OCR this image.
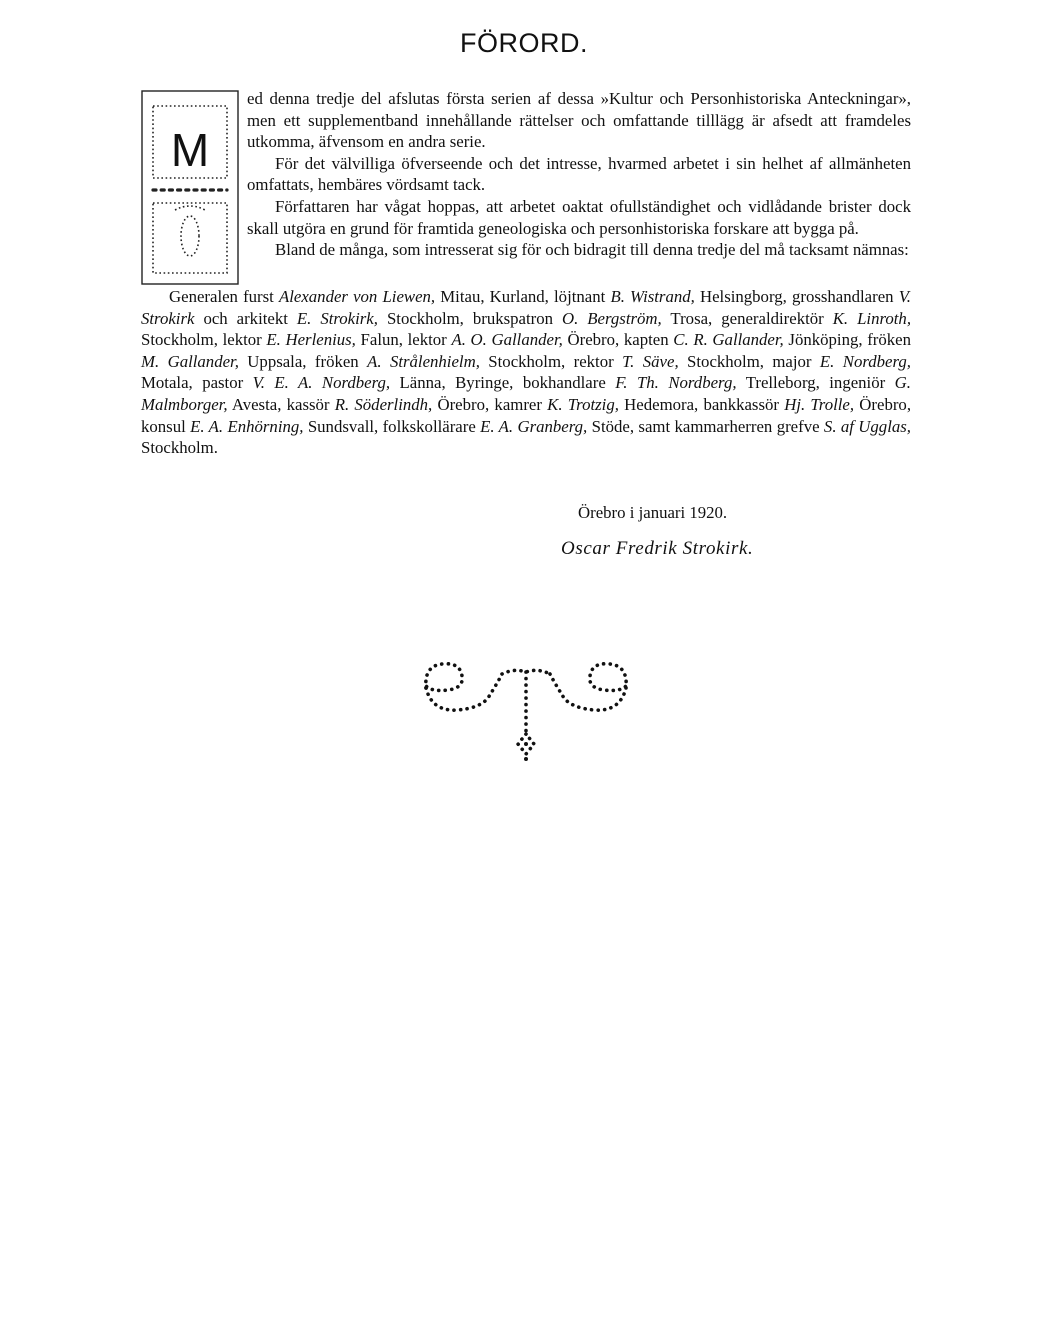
FÖRORD.
M

ed denna tredje del afslutas första serien af dessa »Kultur och Personhistoriska Anteckningar», men ett supplementband innehållande rättelser och omfattande tilllägg är afsedt att framdeles utkomma, äfvensom en andra serie.

För det välvilliga öfverseende och det intresse, hvarmed arbetet i sin helhet af allmänheten omfattats, hembäres vördsamt tack.

Författaren har vågat hoppas, att arbetet oaktat ofullständighet och vidlådande brister dock skall utgöra en grund för framtida geneologiska och personhistoriska forskare att bygga på.

Bland de många, som intresserat sig för och bidragit till denna tredje del må tacksamt nämnas:

Generalen furst Alexander von Liewen, Mitau, Kurland, löjtnant B. Wistrand, Helsingborg, grosshandlaren V. Strokirk och arkitekt E. Strokirk, Stockholm, brukspatron O. Bergström, Trosa, generaldirektör K. Linroth, Stockholm, lektor E. Herlenius, Falun, lektor A. O. Gallander, Örebro, kapten C. R. Gallander, Jönköping, fröken M. Gallander, Uppsala, fröken A. Strålenhielm, Stockholm, rektor T. Säve, Stockholm, major E. Nordberg, Motala, pastor V. E. A. Nordberg, Länna, Byringe, bokhandlare F. Th. Nordberg, Trelleborg, ingeniör G. Malmborger, Avesta, kassör R. Söderlindh, Örebro, kamrer K. Trotzig, Hedemora, bankkassör Hj. Trolle, Örebro, konsul E. A. Enhörning, Sundsvall, folkskollärare E. A. Granberg, Stöde, samt kammarherren grefve S. af Ugglas, Stockholm.

Örebro i januari 1920.
Oscar Fredrik Strokirk.
